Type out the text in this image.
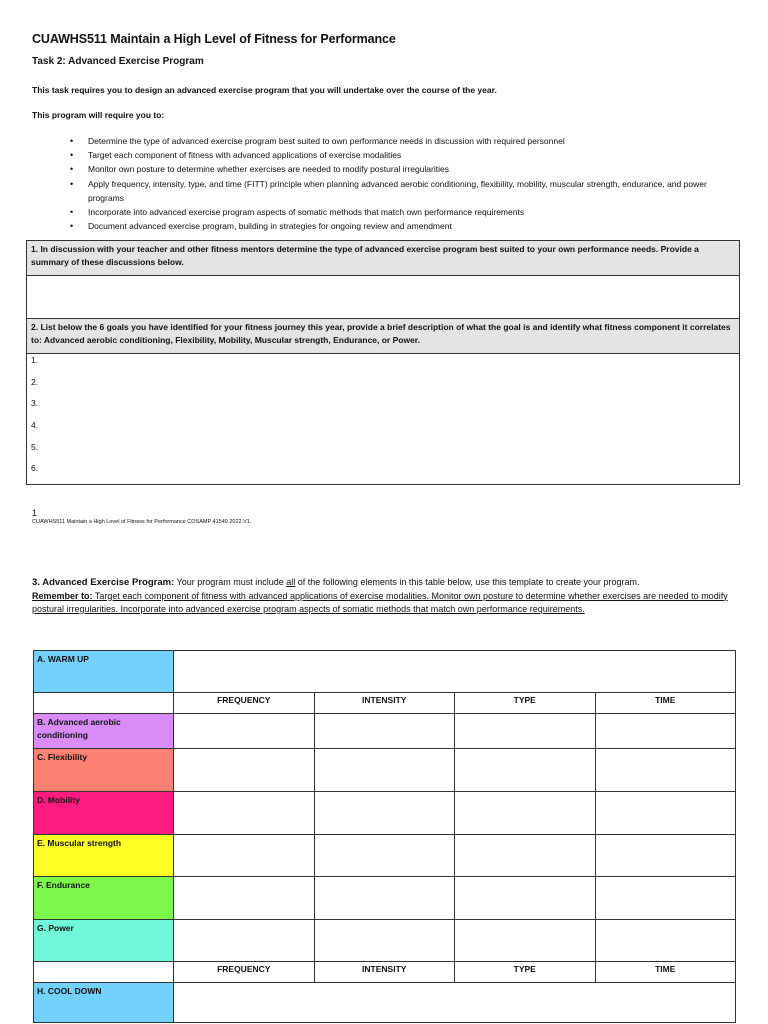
CUAWHS511 Maintain a High Level of Fitness for Performance
Task 2: Advanced Exercise Program
This task requires you to design an advanced exercise program that you will undertake over the course of the year.
This program will require you to:
• Determine the type of advanced exercise program best suited to own performance needs in discussion with required personnel
• Target each component of fitness with advanced applications of exercise modalities
• Monitor own posture to determine whether exercises are needed to modify postural irregularities
• Apply frequency, intensity, type, and time (FITT) principle when planning advanced aerobic conditioning, flexibility, mobility, muscular strength, endurance, and power programs
• Incorporate into advanced exercise program aspects of somatic methods that match own performance requirements
• Document advanced exercise program, building in strategies for ongoing review and amendment
1. In discussion with your teacher and other fitness mentors determine the type of advanced exercise program best suited to your own performance needs. Provide a summary of these discussions below.

2. List below the 6 goals you have identified for your fitness journey this year, provide a brief description of what the goal is and identify what fitness component it correlates to: Advanced aerobic conditioning, Flexibility, Mobility, Muscular strength, Endurance, or Power.

1.
2.
3.
4.
5.
6.
1
CUAWHS511 Maintain a High Level of Fitness for Performance COSAMP 41549 2022.V1.
3. Advanced Exercise Program: Your program must include all of the following elements in this table below, use this template to create your program.
Remember to: Target each component of fitness with advanced applications of exercise modalities. Monitor own posture to determine whether exercises are needed to modify postural irregularities. Incorporate into advanced exercise program aspects of somatic methods that match own performance requirements.
A. WARM UP				
	FREQUENCY	INTENSITY	TYPE	TIME
B. Advanced aerobic conditioning				
C. Flexibility				
D. Mobility				
E. Muscular strength				
F. Endurance				
G. Power				
	FREQUENCY	INTENSITY	TYPE	TIME
H. COOL DOWN				
